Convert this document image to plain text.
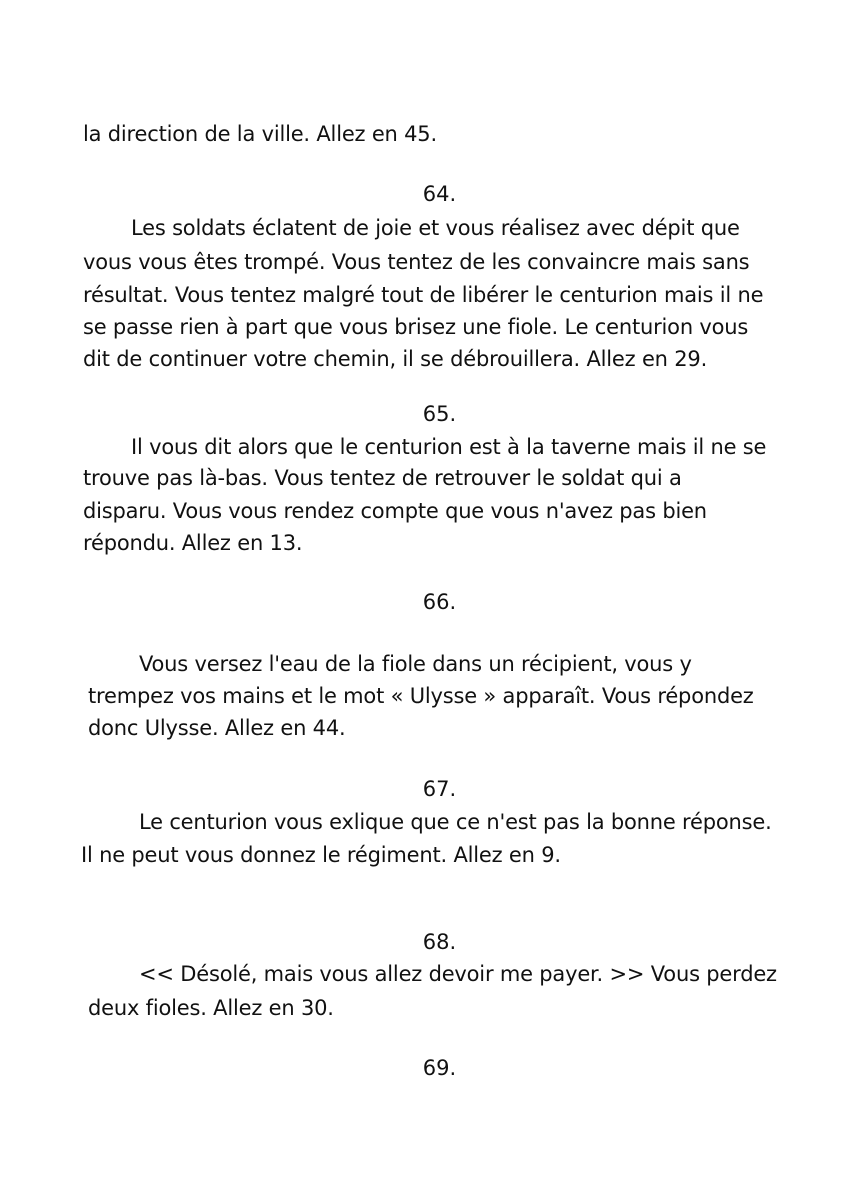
la direction de la ville. Allez en 45.
64.
Les soldats éclatent de joie et vous réalisez avec dépit que
vous vous êtes trompé. Vous tentez de les convaincre mais sans
résultat. Vous tentez malgré tout de libérer le centurion mais il ne
se passe rien à part que vous brisez une fiole. Le centurion vous
dit de continuer votre chemin, il se débrouillera. Allez en 29.
65.
Il vous dit alors que le centurion est à la taverne mais il ne se
trouve pas là-bas. Vous tentez de retrouver le soldat qui a
disparu. Vous vous rendez compte que vous n'avez pas bien
répondu. Allez en 13.
66.
Vous versez l'eau de la fiole dans un récipient, vous y
trempez vos mains et le mot « Ulysse » apparaît. Vous répondez
donc Ulysse. Allez en 44.
67.
Le centurion vous exlique que ce n'est pas la bonne réponse.
Il ne peut vous donnez le régiment. Allez en 9.
68.
<< Désolé, mais vous allez devoir me payer. >> Vous perdez
deux fioles. Allez en 30.
69.
